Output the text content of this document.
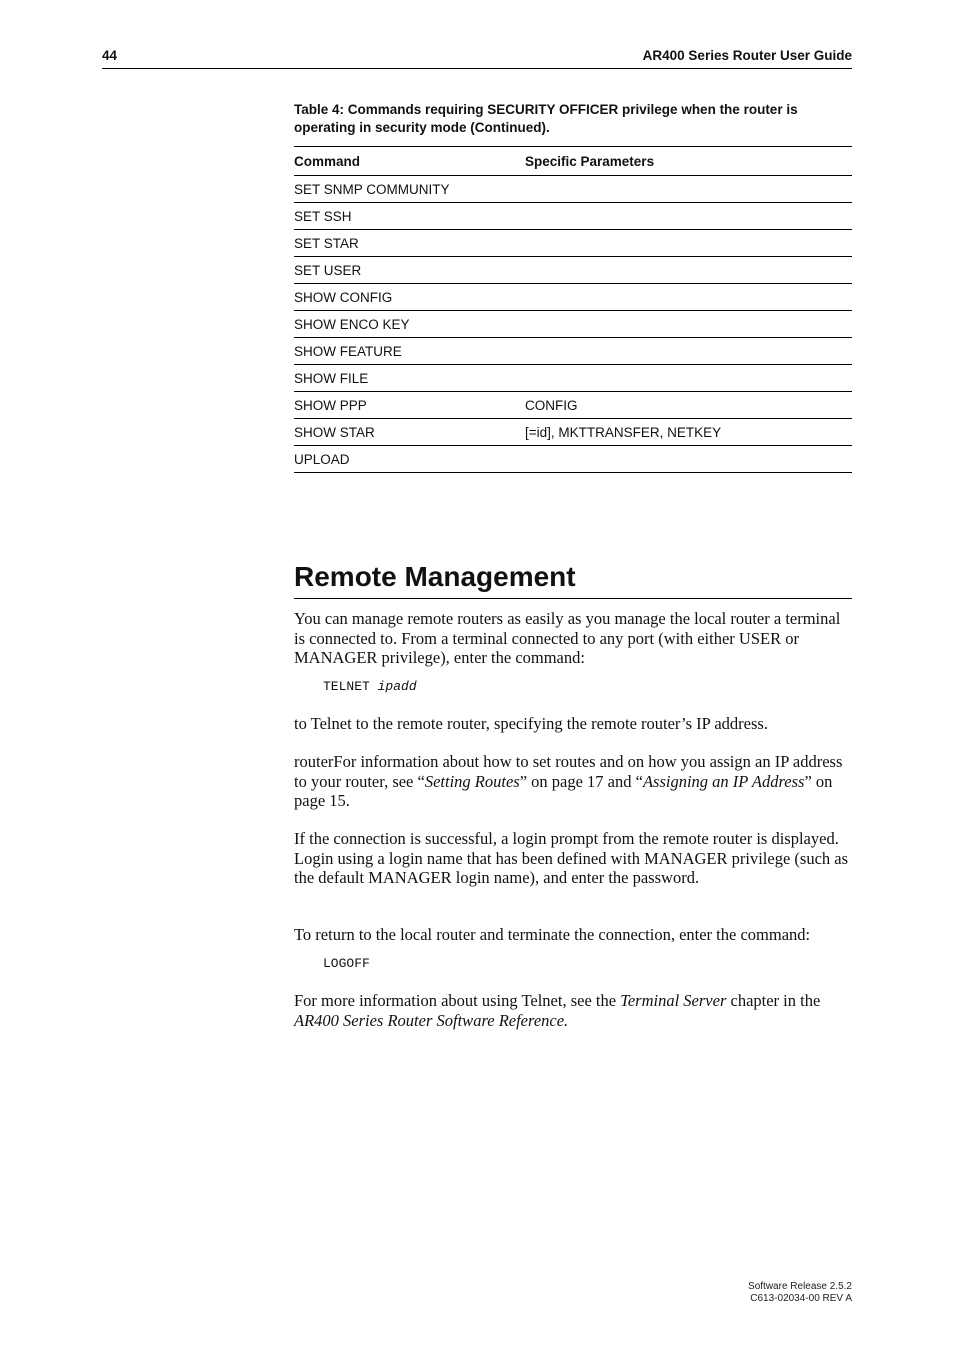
44	AR400 Series Router User Guide
Table 4: Commands requiring SECURITY OFFICER privilege when the router is operating in security mode (Continued).
Command	Specific Parameters
SET SNMP COMMUNITY	
SET SSH	
SET STAR	
SET USER	
SHOW CONFIG	
SHOW ENCO KEY	
SHOW FEATURE	
SHOW FILE	
SHOW PPP	CONFIG
SHOW STAR	[=id], MKTTRANSFER, NETKEY
UPLOAD	
Remote Management

You can manage remote routers as easily as you manage the local router a terminal is connected to. From a terminal connected to any port (with either USER or MANAGER privilege), enter the command:

TELNET ipadd

to Telnet to the remote router, specifying the remote router’s IP address.

routerFor information about how to set routes and on how you assign an IP address to your router, see “Setting Routes” on page 17 and “Assigning an IP Address” on page 15.

If the connection is successful, a login prompt from the remote router is displayed. Login using a login name that has been defined with MANAGER privilege (such as the default MANAGER login name), and enter the password.

To return to the local router and terminate the connection, enter the command:

LOGOFF

For more information about using Telnet, see the Terminal Server chapter in the AR400 Series Router Software Reference.

Software Release 2.5.2
C613-02034-00 REV A
